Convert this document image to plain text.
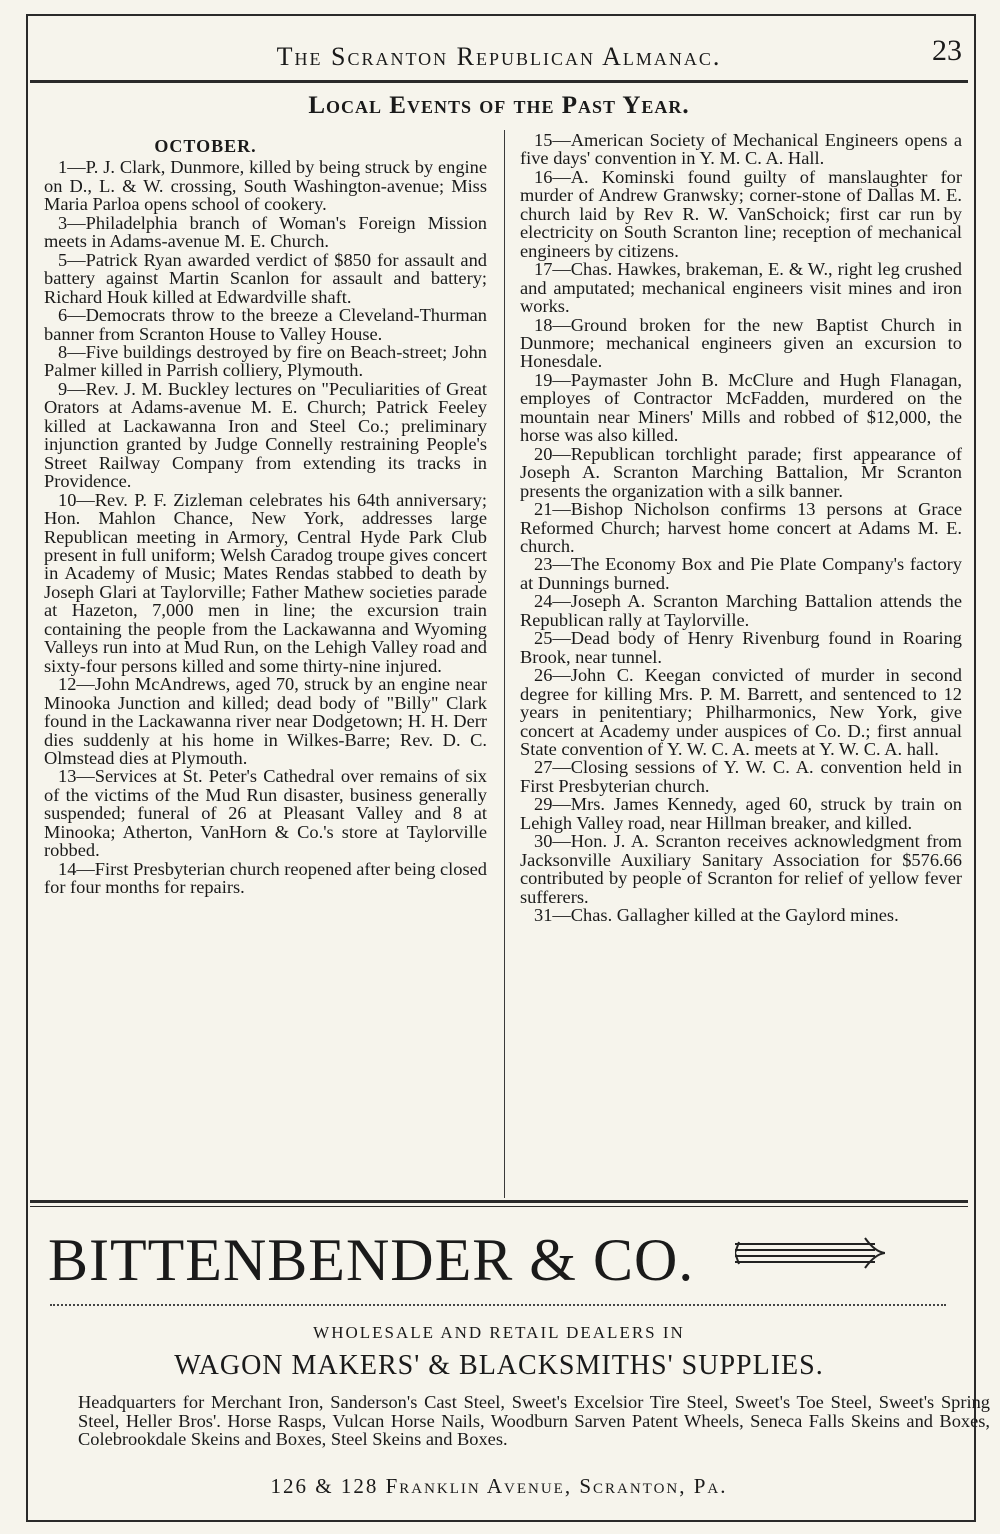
The Scranton Republican Almanac.	23
Local Events of the Past Year.
OCTOBER.

1—P. J. Clark, Dunmore, killed by being struck by engine on D., L. & W. crossing, South Washington-avenue; Miss Maria Parloa opens school of cookery.

3—Philadelphia branch of Woman's Foreign Mission meets in Adams-avenue M. E. Church.

5—Patrick Ryan awarded verdict of $850 for assault and battery against Martin Scanlon for assault and battery; Richard Houk killed at Edwardville shaft.

6—Democrats throw to the breeze a Cleveland-Thurman banner from Scranton House to Valley House.

8—Five buildings destroyed by fire on Beach-street; John Palmer killed in Parrish colliery, Plymouth.

9—Rev. J. M. Buckley lectures on "Peculiarities of Great Orators at Adams-avenue M. E. Church; Patrick Feeley killed at Lackawanna Iron and Steel Co.; preliminary injunction granted by Judge Connelly restraining People's Street Railway Company from extending its tracks in Providence.

10—Rev. P. F. Zizleman celebrates his 64th anniversary; Hon. Mahlon Chance, New York, addresses large Republican meeting in Armory, Central Hyde Park Club present in full uniform; Welsh Caradog troupe gives concert in Academy of Music; Mates Rendas stabbed to death by Joseph Glari at Taylorville; Father Mathew societies parade at Hazeton, 7,000 men in line; the excursion train containing the people from the Lackawanna and Wyoming Valleys run into at Mud Run, on the Lehigh Valley road and sixty-four persons killed and some thirty-nine injured.

12—John McAndrews, aged 70, struck by an engine near Minooka Junction and killed; dead body of "Billy" Clark found in the Lackawanna river near Dodgetown; H. H. Derr dies suddenly at his home in Wilkes-Barre; Rev. D. C. Olmstead dies at Plymouth.

13—Services at St. Peter's Cathedral over remains of six of the victims of the Mud Run disaster, business generally suspended; funeral of 26 at Pleasant Valley and 8 at Minooka; Atherton, VanHorn & Co.'s store at Taylorville robbed.

14—First Presbyterian church reopened after being closed for four months for repairs.

15—American Society of Mechanical Engineers opens a five days' convention in Y. M. C. A. Hall.

16—A. Kominski found guilty of manslaughter for murder of Andrew Granwsky; corner-stone of Dallas M. E. church laid by Rev R. W. VanSchoick; first car run by electricity on South Scranton line; reception of mechanical engineers by citizens.

17—Chas. Hawkes, brakeman, E. & W., right leg crushed and amputated; mechanical engineers visit mines and iron works.

18—Ground broken for the new Baptist Church in Dunmore; mechanical engineers given an excursion to Honesdale.

19—Paymaster John B. McClure and Hugh Flanagan, employes of Contractor McFadden, murdered on the mountain near Miners' Mills and robbed of $12,000, the horse was also killed.

20—Republican torchlight parade; first appearance of Joseph A. Scranton Marching Battalion, Mr Scranton presents the organization with a silk banner.

21—Bishop Nicholson confirms 13 persons at Grace Reformed Church; harvest home concert at Adams M. E. church.

23—The Economy Box and Pie Plate Company's factory at Dunnings burned.

24—Joseph A. Scranton Marching Battalion attends the Republican rally at Taylorville.

25—Dead body of Henry Rivenburg found in Roaring Brook, near tunnel.

26—John C. Keegan convicted of murder in second degree for killing Mrs. P. M. Barrett, and sentenced to 12 years in penitentiary; Philharmonics, New York, give concert at Academy under auspices of Co. D.; first annual State convention of Y. W. C. A. meets at Y. W. C. A. hall.

27—Closing sessions of Y. W. C. A. convention held in First Presbyterian church.

29—Mrs. James Kennedy, aged 60, struck by train on Lehigh Valley road, near Hillman breaker, and killed.

30—Hon. J. A. Scranton receives acknowledgment from Jacksonville Auxiliary Sanitary Association for $576.66 contributed by people of Scranton for relief of yellow fever sufferers.

31—Chas. Gallagher killed at the Gaylord mines.

BITTENBENDER & CO.
WHOLESALE AND RETAIL DEALERS IN
WAGON MAKERS' & BLACKSMITHS' SUPPLIES.
Headquarters for Merchant Iron, Sanderson's Cast Steel, Sweet's Excelsior Tire Steel, Sweet's Toe Steel, Sweet's Spring Steel, Heller Bros'. Horse Rasps, Vulcan Horse Nails, Woodburn Sarven Patent Wheels, Seneca Falls Skeins and Boxes, Colebrookdale Skeins and Boxes, Steel Skeins and Boxes.
126 & 128 Franklin Avenue, Scranton, Pa.
